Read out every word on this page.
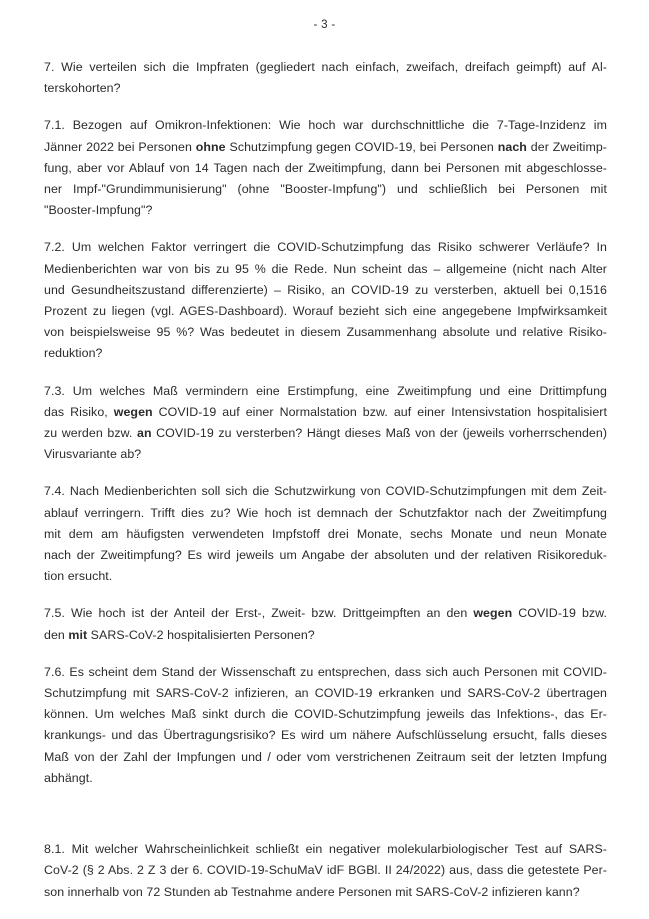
- 3 -
7. Wie verteilen sich die Impfraten (gegliedert nach einfach, zweifach, dreifach geimpft) auf Al-
terskohorten?
7.1. Bezogen auf Omikron-Infektionen: Wie hoch war durchschnittliche die 7-Tage-Inzidenz im
Jänner 2022 bei Personen ohne Schutzimpfung gegen COVID-19, bei Personen nach der Zweitimp-
fung, aber vor Ablauf von 14 Tagen nach der Zweitimpfung, dann bei Personen mit abgeschlosse-
ner Impf-"Grundimmunisierung" (ohne "Booster-Impfung") und schließlich bei Personen mit
"Booster-Impfung"?
7.2. Um welchen Faktor verringert die COVID-Schutzimpfung das Risiko schwerer Verläufe? In
Medienberichten war von bis zu 95 % die Rede. Nun scheint das – allgemeine (nicht nach Alter
und Gesundheitszustand differenzierte) – Risiko, an COVID-19 zu versterben, aktuell bei 0,1516
Prozent zu liegen (vgl. AGES-Dashboard). Worauf bezieht sich eine angegebene Impfwirksamkeit
von beispielsweise 95 %? Was bedeutet in diesem Zusammenhang absolute und relative Risiko-
reduktion?
7.3. Um welches Maß vermindern eine Erstimpfung, eine Zweitimpfung und eine Drittimpfung
das Risiko, wegen COVID-19 auf einer Normalstation bzw. auf einer Intensivstation hospitalisiert
zu werden bzw. an COVID-19 zu versterben? Hängt dieses Maß von der (jeweils vorherrschenden)
Virusvariante ab?
7.4. Nach Medienberichten soll sich die Schutzwirkung von COVID-Schutzimpfungen mit dem Zeit-
ablauf verringern. Trifft dies zu? Wie hoch ist demnach der Schutzfaktor nach der Zweitimpfung
mit dem am häufigsten verwendeten Impfstoff drei Monate, sechs Monate und neun Monate
nach der Zweitimpfung? Es wird jeweils um Angabe der absoluten und der relativen Risikoreduk-
tion ersucht.
7.5. Wie hoch ist der Anteil der Erst-, Zweit- bzw. Drittgeimpften an den wegen COVID-19 bzw.
den mit SARS-CoV-2 hospitalisierten Personen?
7.6. Es scheint dem Stand der Wissenschaft zu entsprechen, dass sich auch Personen mit COVID-
Schutzimpfung mit SARS-CoV-2 infizieren, an COVID-19 erkranken und SARS-CoV-2 übertragen
können. Um welches Maß sinkt durch die COVID-Schutzimpfung jeweils das Infektions-, das Er-
krankungs- und das Übertragungsrisiko? Es wird um nähere Aufschlüsselung ersucht, falls dieses
Maß von der Zahl der Impfungen und / oder vom verstrichenen Zeitraum seit der letzten Impfung
abhängt.
8.1. Mit welcher Wahrscheinlichkeit schließt ein negativer molekularbiologischer Test auf SARS-
CoV-2 (§ 2 Abs. 2 Z 3 der 6. COVID-19-SchuMaV idF BGBl. II 24/2022) aus, dass die getestete Per-
son innerhalb von 72 Stunden ab Testnahme andere Personen mit SARS-CoV-2 infizieren kann?
